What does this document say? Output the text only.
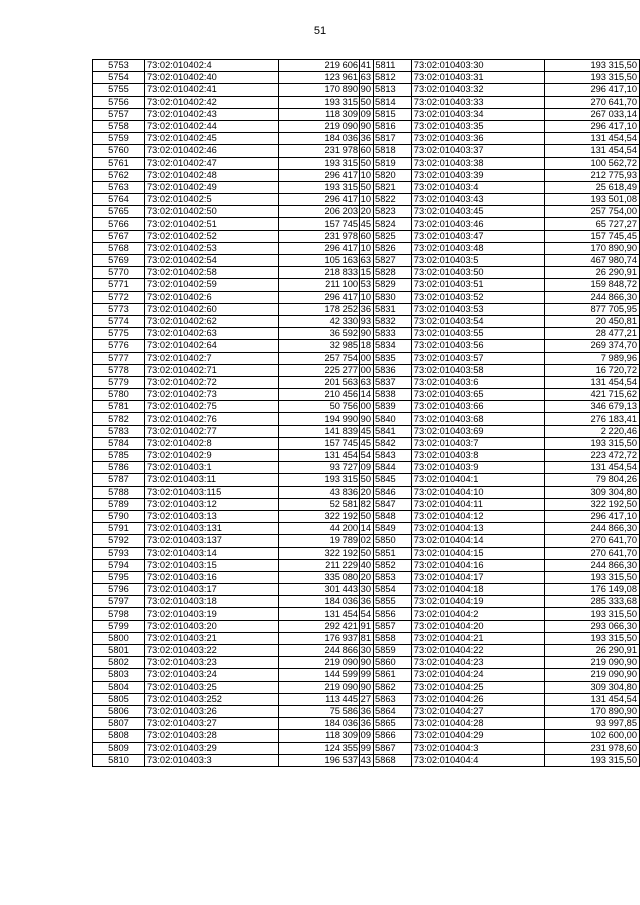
51
5753	73:02:010402:4	219 606,41
5754	73:02:010402:40	123 961,63
5755	73:02:010402:41	170 890,90
5756	73:02:010402:42	193 315,50
5757	73:02:010402:43	118 309,09
5758	73:02:010402:44	219 090,90
5759	73:02:010402:45	184 036,36
5760	73:02:010402:46	231 978,60
5761	73:02:010402:47	193 315,50
5762	73:02:010402:48	296 417,10
5763	73:02:010402:49	193 315,50
5764	73:02:010402:5	296 417,10
5765	73:02:010402:50	206 203,20
5766	73:02:010402:51	157 745,45
5767	73:02:010402:52	231 978,60
5768	73:02:010402:53	296 417,10
5769	73:02:010402:54	105 163,63
5770	73:02:010402:58	218 833,15
5771	73:02:010402:59	211 100,53
5772	73:02:010402:6	296 417,10
5773	73:02:010402:60	178 252,36
5774	73:02:010402:62	42 330,93
5775	73:02:010402:63	36 592,90
5776	73:02:010402:64	32 985,18
5777	73:02:010402:7	257 754,00
5778	73:02:010402:71	225 277,00
5779	73:02:010402:72	201 563,63
5780	73:02:010402:73	210 456,14
5781	73:02:010402:75	50 756,00
5782	73:02:010402:76	194 990,90
5783	73:02:010402:77	141 839,45
5784	73:02:010402:8	157 745,45
5785	73:02:010402:9	131 454,54
5786	73:02:010403:1	93 727,09
5787	73:02:010403:11	193 315,50
5788	73:02:010403:115	43 836,20
5789	73:02:010403:12	52 581,82
5790	73:02:010403:13	322 192,50
5791	73:02:010403:131	44 200,14
5792	73:02:010403:137	19 789,02
5793	73:02:010403:14	322 192,50
5794	73:02:010403:15	211 229,40
5795	73:02:010403:16	335 080,20
5796	73:02:010403:17	301 443,30
5797	73:02:010403:18	184 036,36
5798	73:02:010403:19	131 454,54
5799	73:02:010403:20	292 421,91
5800	73:02:010403:21	176 937,81
5801	73:02:010403:22	244 866,30
5802	73:02:010403:23	219 090,90
5803	73:02:010403:24	144 599,99
5804	73:02:010403:25	219 090,90
5805	73:02:010403:252	113 445,27
5806	73:02:010403:26	75 586,36
5807	73:02:010403:27	184 036,36
5808	73:02:010403:28	118 309,09
5809	73:02:010403:29	124 355,99
5810	73:02:010403:3	196 537,43
5811	73:02:010403:30	193 315,50
5812	73:02:010403:31	193 315,50
5813	73:02:010403:32	296 417,10
5814	73:02:010403:33	270 641,70
5815	73:02:010403:34	267 033,14
5816	73:02:010403:35	296 417,10
5817	73:02:010403:36	131 454,54
5818	73:02:010403:37	131 454,54
5819	73:02:010403:38	100 562,72
5820	73:02:010403:39	212 775,93
5821	73:02:010403:4	25 618,49
5822	73:02:010403:43	193 501,08
5823	73:02:010403:45	257 754,00
5824	73:02:010403:46	65 727,27
5825	73:02:010403:47	157 745,45
5826	73:02:010403:48	170 890,90
5827	73:02:010403:5	467 980,74
5828	73:02:010403:50	26 290,91
5829	73:02:010403:51	159 848,72
5830	73:02:010403:52	244 866,30
5831	73:02:010403:53	877 705,95
5832	73:02:010403:54	20 450,81
5833	73:02:010403:55	28 477,21
5834	73:02:010403:56	269 374,70
5835	73:02:010403:57	7 989,96
5836	73:02:010403:58	16 720,72
5837	73:02:010403:6	131 454,54
5838	73:02:010403:65	421 715,62
5839	73:02:010403:66	346 679,13
5840	73:02:010403:68	276 183,41
5841	73:02:010403:69	2 220,46
5842	73:02:010403:7	193 315,50
5843	73:02:010403:8	223 472,72
5844	73:02:010403:9	131 454,54
5845	73:02:010404:1	79 804,26
5846	73:02:010404:10	309 304,80
5847	73:02:010404:11	322 192,50
5848	73:02:010404:12	296 417,10
5849	73:02:010404:13	244 866,30
5850	73:02:010404:14	270 641,70
5851	73:02:010404:15	270 641,70
5852	73:02:010404:16	244 866,30
5853	73:02:010404:17	193 315,50
5854	73:02:010404:18	176 149,08
5855	73:02:010404:19	285 333,68
5856	73:02:010404:2	193 315,50
5857	73:02:010404:20	293 066,30
5858	73:02:010404:21	193 315,50
5859	73:02:010404:22	26 290,91
5860	73:02:010404:23	219 090,90
5861	73:02:010404:24	219 090,90
5862	73:02:010404:25	309 304,80
5863	73:02:010404:26	131 454,54
5864	73:02:010404:27	170 890,90
5865	73:02:010404:28	93 997,85
5866	73:02:010404:29	102 600,00
5867	73:02:010404:3	231 978,60
5868	73:02:010404:4	193 315,50
